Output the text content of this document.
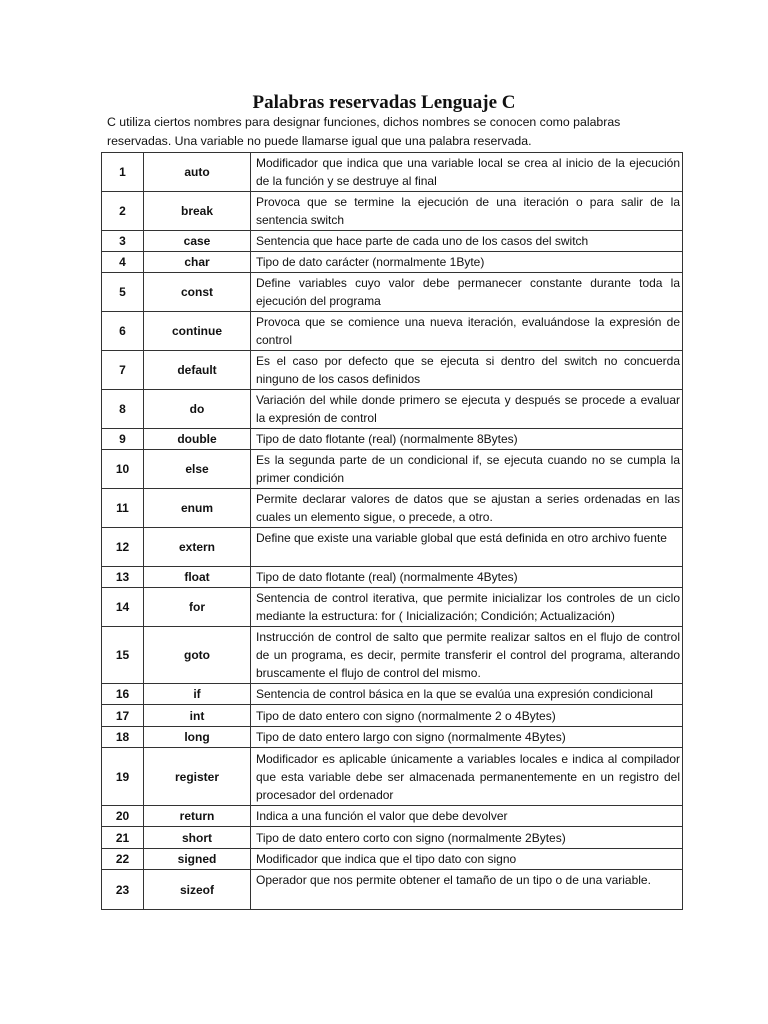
Palabras reservadas Lenguaje C
C utiliza ciertos nombres para designar funciones, dichos nombres se conocen como palabras reservadas. Una variable no puede llamarse igual que una palabra reservada.
1	auto	Modificador que indica que una variable local se crea al inicio de la ejecución de la función y se destruye al final
2	break	Provoca que se termine la ejecución de una iteración o para salir de la sentencia switch
3	case	Sentencia que hace parte de cada uno de los casos del switch
4	char	Tipo de dato carácter (normalmente 1Byte)
5	const	Define variables cuyo valor debe permanecer constante durante toda la ejecución del programa
6	continue	Provoca que se comience una nueva iteración, evaluándose la expresión de control
7	default	Es el caso por defecto que se ejecuta si dentro del switch no concuerda ninguno de los casos definidos
8	do	Variación del while donde primero se ejecuta y después se procede a evaluar la expresión de control
9	double	Tipo de dato flotante (real) (normalmente 8Bytes)
10	else	Es la segunda parte de un condicional if, se ejecuta cuando no se cumpla la primer condición
11	enum	Permite declarar valores de datos que se ajustan a series ordenadas en las cuales un elemento sigue, o precede, a otro.
12	extern	Define que existe una variable global que está definida en otro archivo fuente
13	float	Tipo de dato flotante (real) (normalmente 4Bytes)
14	for	Sentencia de control iterativa, que permite inicializar los controles de un ciclo mediante la estructura: for ( Inicialización; Condición; Actualización)
15	goto	Instrucción de control de salto que permite realizar saltos en el flujo de control de un programa, es decir, permite transferir el control del programa, alterando bruscamente el flujo de control del mismo.
16	if	Sentencia de control básica en la que se evalúa una expresión condicional
17	int	Tipo de dato entero con signo (normalmente 2 o 4Bytes)
18	long	Tipo de dato entero largo con signo (normalmente 4Bytes)
19	register	Modificador es aplicable únicamente a variables locales e indica al compilador que esta variable debe ser almacenada permanentemente en un registro del procesador del ordenador
20	return	Indica a una función el valor que debe devolver
21	short	Tipo de dato entero corto con signo (normalmente 2Bytes)
22	signed	Modificador que indica que el tipo dato con signo
23	sizeof	Operador que nos permite obtener el tamaño de un tipo o de una variable.
